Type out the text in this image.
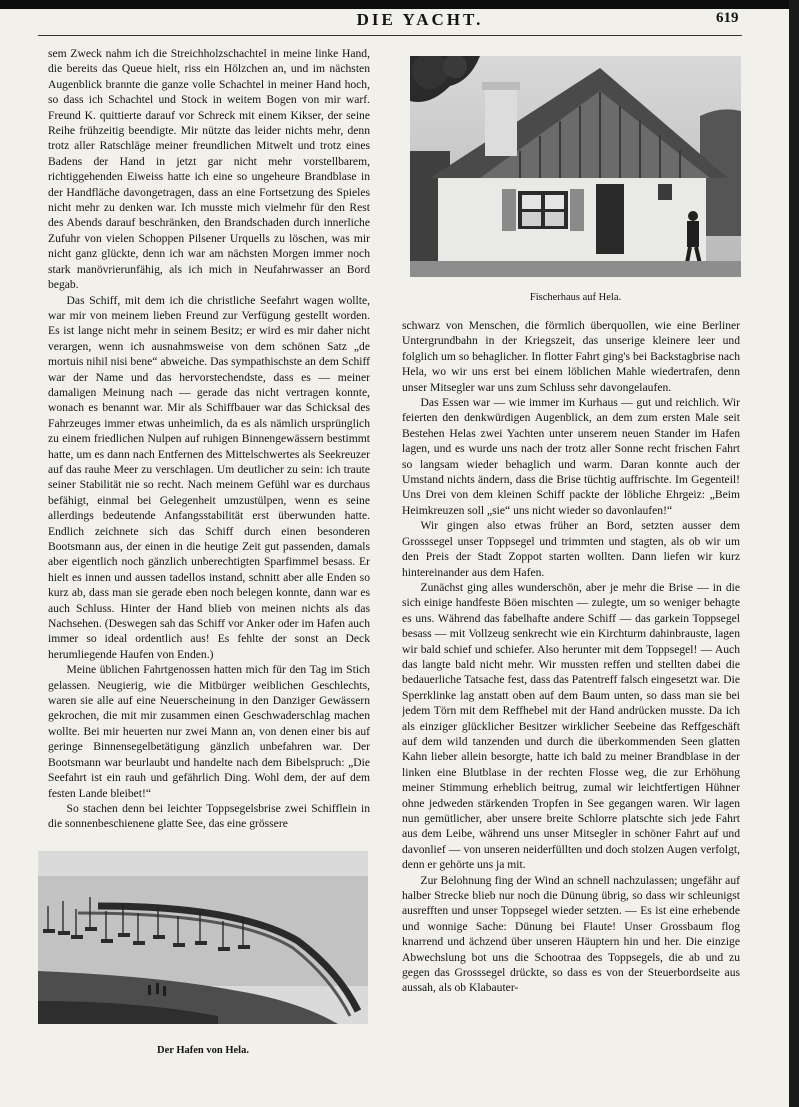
DIE YACHT.	619

sem Zweck nahm ich die Streichholzschachtel in meine linke Hand, die bereits das Queue hielt, riss ein Hölzchen an, und im nächsten Augenblick brannte die ganze volle Schachtel in meiner Hand hoch, so dass ich Schachtel und Stock in weitem Bogen von mir warf. Freund K. quittierte darauf vor Schreck mit einem Kikser, der seine Reihe frühzeitig beendigte. Mir nützte das leider nichts mehr, denn trotz aller Ratschläge meiner freundlichen Mitwelt und trotz eines Badens der Hand in jetzt gar nicht mehr vorstellbarem, richtiggehenden Eiweiss hatte ich eine so ungeheure Brandblase in der Handfläche davongetragen, dass an eine Fortsetzung des Spieles nicht mehr zu denken war. Ich musste mich vielmehr für den Rest des Abends darauf beschränken, den Brandschaden durch innerliche Zufuhr von vielen Schoppen Pilsener Urquells zu löschen, was mir nicht ganz glückte, denn ich war am nächsten Morgen immer noch stark manövrierunfähig, als ich mich in Neufahrwasser an Bord begab.

Das Schiff, mit dem ich die christliche Seefahrt wagen wollte, war mir von meinem lieben Freund zur Verfügung gestellt worden. Es ist lange nicht mehr in seinem Besitz; er wird es mir daher nicht verargen, wenn ich ausnahmsweise von dem schönen Satz „de mortuis nihil nisi bene“ abweiche. Das sympathischste an dem Schiff war der Name und das hervorstechendste, dass es — meiner damaligen Meinung nach — gerade das nicht vertragen konnte, wonach es benannt war. Mir als Schiffbauer war das Schicksal des Fahrzeuges immer etwas unheimlich, da es als nämlich ursprünglich zu einem friedlichen Nulpen auf ruhigen Binnengewässern bestimmt hatte, um es dann nach Entfernen des Mittelschwertes als Seekreuzer auf das rauhe Meer zu verschlagen. Um deutlicher zu sein: ich traute seiner Stabilität nie so recht. Nach meinem Gefühl war es durchaus befähigt, einmal bei Gelegenheit umzustülpen, wenn es seine allerdings bedeutende Anfangsstabilität erst überwunden hatte. Endlich zeichnete sich das Schiff durch einen besonderen Bootsmann aus, der einen in die heutige Zeit gut passenden, damals aber eigentlich noch gänzlich unberechtigten Sparfimmel besass. Er hielt es innen und aussen tadellos instand, schnitt aber alle Enden so kurz ab, dass man sie gerade eben noch belegen konnte, dann war es auch Schluss. Hinter der Hand blieb von meinen nichts als das Nachsehen. (Deswegen sah das Schiff vor Anker oder im Hafen auch immer so ideal ordentlich aus! Es fehlte der sonst an Deck herumliegende Haufen von Enden.)

Meine üblichen Fahrtgenossen hatten mich für den Tag im Stich gelassen. Neugierig, wie die Mitbürger weiblichen Geschlechts, waren sie alle auf eine Neuerscheinung in den Danziger Gewässern gekrochen, die mit mir zusammen einen Geschwaderschlag machen wollte. Bei mir heuerten nur zwei Mann an, von denen einer bis auf geringe Binnensegelbetätigung gänzlich unbefahren war. Der Bootsmann war beurlaubt und handelte nach dem Bibelspruch: „Die Seefahrt ist ein rauh und gefährlich Ding. Wohl dem, der auf dem festen Lande bleibet!“

So stachen denn bei leichter Toppsegelsbrise zwei Schifflein in die sonnenbeschienene glatte See, das eine grössere

Fischerhaus auf Hela.

schwarz von Menschen, die förmlich überquollen, wie eine Berliner Untergrundbahn in der Kriegszeit, das unserige kleinere leer und folglich um so behaglicher. In flotter Fahrt ging's bei Backstagbrise nach Hela, wo wir uns erst bei einem löblichen Mahle wiedertrafen, denn unser Mitsegler war uns zum Schluss sehr davongelaufen.

Das Essen war — wie immer im Kurhaus — gut und reichlich. Wir feierten den denkwürdigen Augenblick, an dem zum ersten Male seit Bestehen Helas zwei Yachten unter unserem neuen Stander im Hafen lagen, und es wurde uns nach der trotz aller Sonne recht frischen Fahrt so langsam wieder behaglich und warm. Daran konnte auch der Umstand nichts ändern, dass die Brise tüchtig auffrischte. Im Gegenteil! Uns Drei von dem kleinen Schiff packte der löbliche Ehrgeiz: „Beim Heimkreuzen soll „sie“ uns nicht wieder so davonlaufen!“

Wir gingen also etwas früher an Bord, setzten ausser dem Grosssegel unser Toppsegel und trimmten und stagten, als ob wir um den Preis der Stadt Zoppot starten wollten. Dann liefen wir kurz hintereinander aus dem Hafen.

Zunächst ging alles wunderschön, aber je mehr die Brise — in die sich einige handfeste Böen mischten — zulegte, um so weniger behagte es uns. Während das fabelhafte andere Schiff — das garkein Toppsegel besass — mit Vollzeug senkrecht wie ein Kirchturm dahinbrauste, lagen wir bald schief und schiefer. Also herunter mit dem Toppsegel! — Auch das langte bald nicht mehr. Wir mussten reffen und stellten dabei die bedauerliche Tatsache fest, dass das Patentreff falsch eingesetzt war. Die Sperrklinke lag anstatt oben auf dem Baum unten, so dass man sie bei jedem Törn mit dem Reffhebel mit der Hand andrücken musste. Da ich als einziger glücklicher Besitzer wirklicher Seebeine das Reffgeschäft auf dem wild tanzenden und durch die überkommenden Seen glatten Kahn lieber allein besorgte, hatte ich bald zu meiner Brandblase in der linken eine Blutblase in der rechten Flosse weg, die zur Erhöhung meiner Stimmung erheblich beitrug, zumal wir leichtfertigen Hühner ohne jedweden stärkenden Tropfen in See gegangen waren. Wir lagen nun gemütlicher, aber unsere breite Schlorre platschte sich jede Fahrt aus dem Leibe, während uns unser Mitsegler in schöner Fahrt auf und davonlief — von unseren neiderfüllten und doch stolzen Augen verfolgt, denn er gehörte uns ja mit.

Zur Belohnung fing der Wind an schnell nachzulassen; ungefähr auf halber Strecke blieb nur noch die Dünung übrig, so dass wir schleunigst ausrefften und unser Toppsegel wieder setzten. — Es ist eine erhebende und wonnige Sache: Dünung bei Flaute! Unser Grossbaum flog knarrend und ächzend über unseren Häuptern hin und her. Die einzige Abwechslung bot uns die Schootraa des Toppsegels, die ab und zu gegen das Grosssegel drückte, so dass es von der Steuerbordseite aus aussah, als ob Klabauter-

Der Hafen von Hela.
